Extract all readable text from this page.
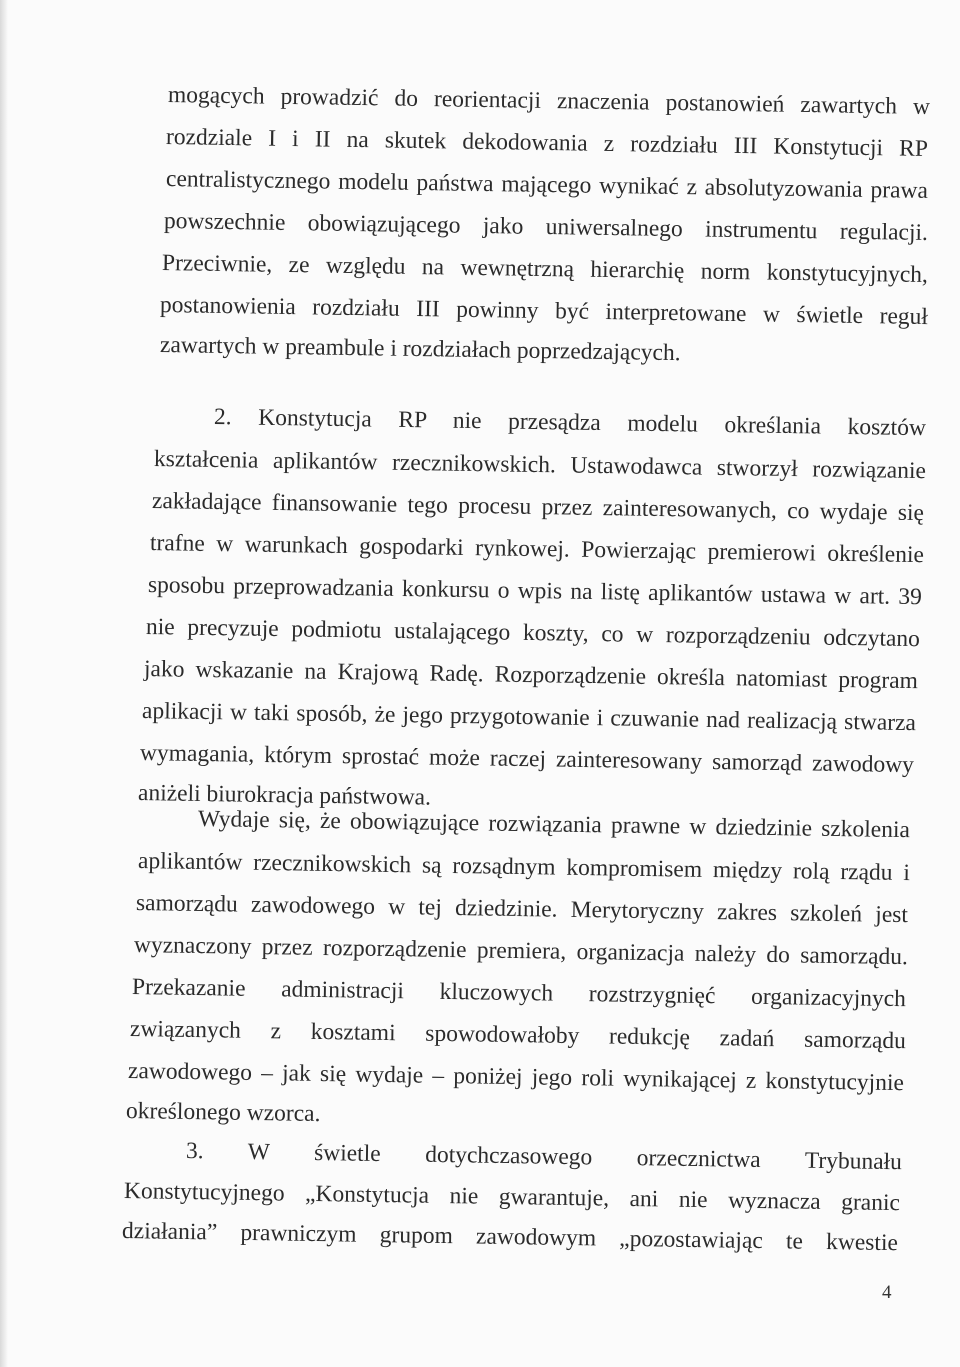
mogących prowadzić do reorientacji znaczenia postanowień zawartych w
rozdziale I i II na skutek dekodowania z rozdziału III Konstytucji RP
centralistycznego modelu państwa mającego wynikać z absolutyzowania prawa
powszechnie obowiązującego jako uniwersalnego instrumentu regulacji.
Przeciwnie, ze względu na wewnętrzną hierarchię norm konstytucyjnych,
postanowienia rozdziału III powinny być interpretowane w świetle reguł
zawartych w preambule i rozdziałach poprzedzających.
2. Konstytucja RP nie przesądza modelu określania kosztów
kształcenia aplikantów rzecznikowskich. Ustawodawca stworzył rozwiązanie
zakładające finansowanie tego procesu przez zainteresowanych, co wydaje się
trafne w warunkach gospodarki rynkowej. Powierzając premierowi określenie
sposobu przeprowadzania konkursu o wpis na listę aplikantów ustawa w art. 39
nie precyzuje podmiotu ustalającego koszty, co w rozporządzeniu odczytano
jako wskazanie na Krajową Radę. Rozporządzenie określa natomiast program
aplikacji w taki sposób, że jego przygotowanie i czuwanie nad realizacją stwarza
wymagania, którym sprostać może raczej zainteresowany samorząd zawodowy
aniżeli biurokracja państwowa.
Wydaje się, że obowiązujące rozwiązania prawne w dziedzinie szkolenia
aplikantów rzecznikowskich są rozsądnym kompromisem między rolą rządu i
samorządu zawodowego w tej dziedzinie. Merytoryczny zakres szkoleń jest
wyznaczony przez rozporządzenie premiera, organizacja należy do samorządu.
Przekazanie administracji kluczowych rozstrzygnięć organizacyjnych
związanych z kosztami spowodowałoby redukcję zadań samorządu
zawodowego – jak się wydaje – poniżej jego roli wynikającej z konstytucyjnie
określonego wzorca.
3. W świetle dotychczasowego orzecznictwa Trybunału
Konstytucyjnego „Konstytucja nie gwarantuje, ani nie wyznacza granic
działania” prawniczym grupom zawodowym „pozostawiając te kwestie
4
